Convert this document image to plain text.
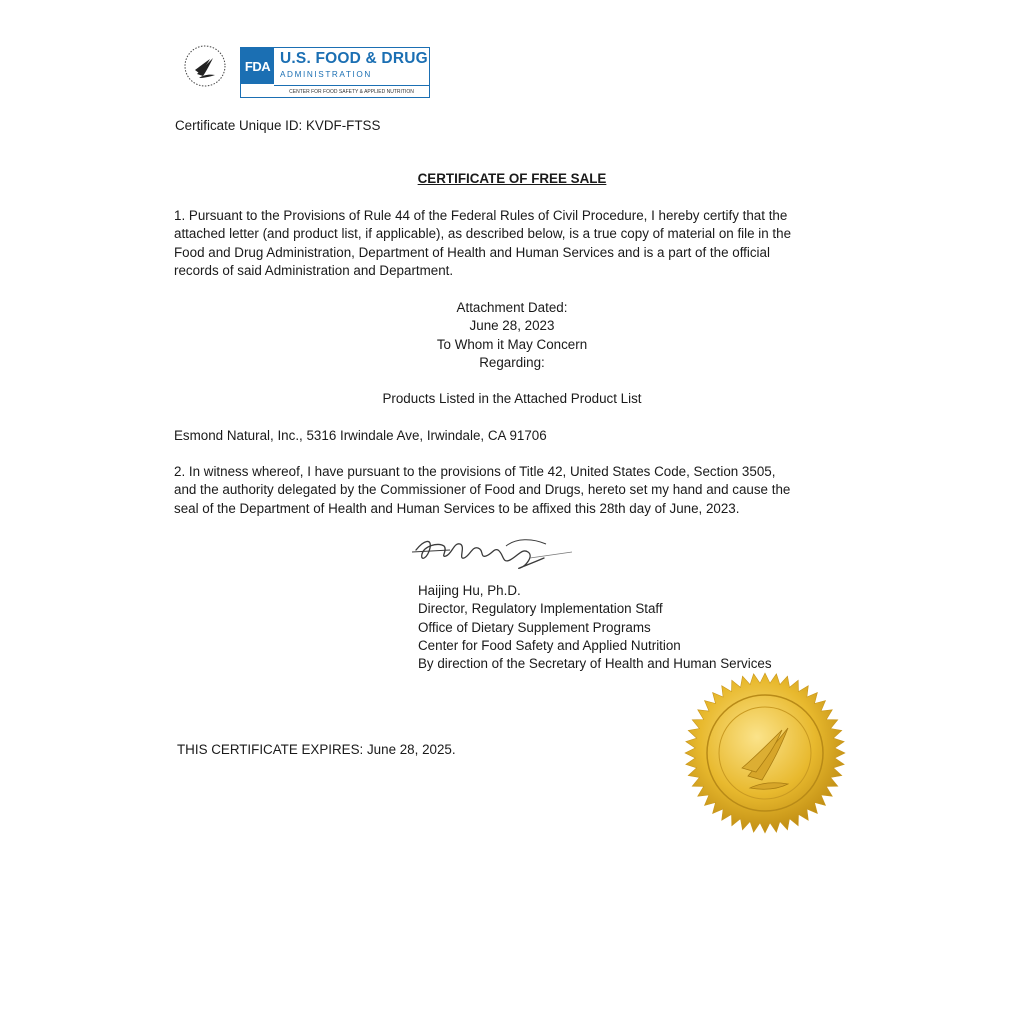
FDA U.S. FOOD & DRUG
ADMINISTRATION
CENTER FOR FOOD SAFETY & APPLIED NUTRITION
Certificate Unique ID: KVDF-FTSS
CERTIFICATE OF FREE SALE
1. Pursuant to the Provisions of Rule 44 of the Federal Rules of Civil Procedure, I hereby certify that the
attached letter (and product list, if applicable), as described below, is a true copy of material on file in the
Food and Drug Administration, Department of Health and Human Services and is a part of the official
records of said Administration and Department.
Attachment Dated:
June 28, 2023
To Whom it May Concern
Regarding:
Products Listed in the Attached Product List
Esmond Natural, Inc., 5316 Irwindale Ave, Irwindale, CA 91706
2. In witness whereof, I have pursuant to the provisions of Title 42, United States Code, Section 3505,
and the authority delegated by the Commissioner of Food and Drugs, hereto set my hand and cause the
seal of the Department of Health and Human Services to be affixed this 28th day of June, 2023.
Haijing Hu, Ph.D.
Director, Regulatory Implementation Staff
Office of Dietary Supplement Programs
Center for Food Safety and Applied Nutrition
By direction of the Secretary of Health and Human Services
THIS CERTIFICATE EXPIRES: June 28, 2025.
